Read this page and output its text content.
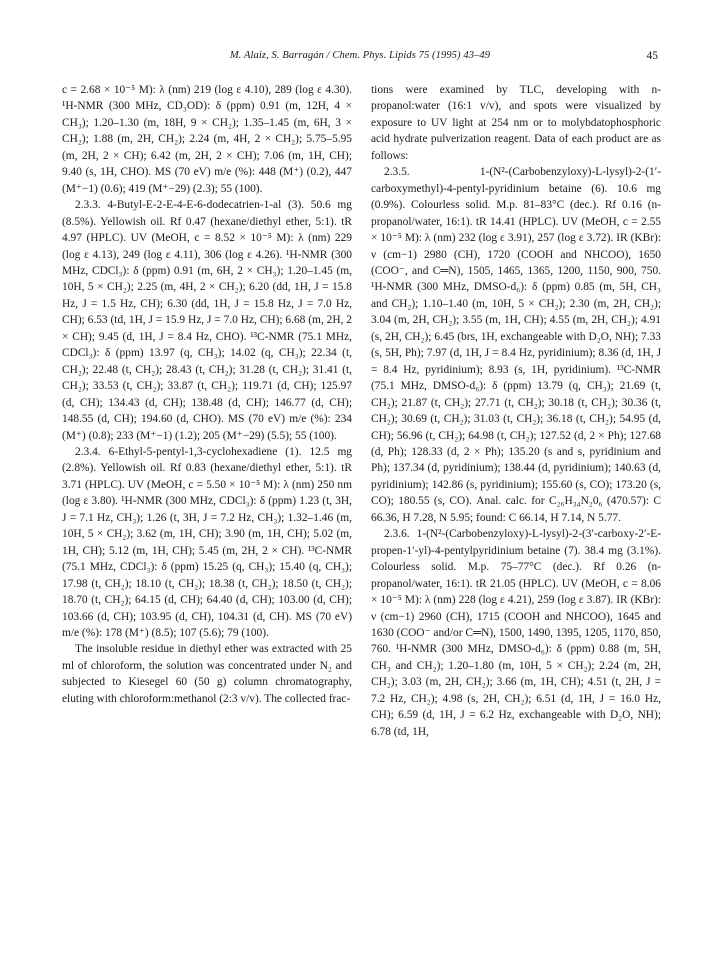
M. Alaiz, S. Barragán / Chem. Phys. Lipids 75 (1995) 43–49	45

c = 2.68 × 10⁻⁵ M): λ (nm) 219 (log ε 4.10), 289 (log ε 4.30). ¹H-NMR (300 MHz, CD₃OD): δ (ppm) 0.91 (m, 12H, 4 × CH₃); 1.20–1.30 (m, 18H, 9 × CH₂); 1.35–1.45 (m, 6H, 3 × CH₂); 1.88 (m, 2H, CH₂); 2.24 (m, 4H, 2 × CH₂); 5.75–5.95 (m, 2H, 2 × CH); 6.42 (m, 2H, 2 × CH); 7.06 (m, 1H, CH); 9.40 (s, 1H, CHO). MS (70 eV) m/e (%): 448 (M⁺) (0.2), 447 (M⁺−1) (0.6); 419 (M⁺−29) (2.3); 55 (100).

2.3.3. 4-Butyl-E-2-E-4-E-6-dodecatrien-1-al (3). 50.6 mg (8.5%). Yellowish oil. Rf 0.47 (hexane/diethyl ether, 5:1). tR 4.97 (HPLC). UV (MeOH, c = 8.52 × 10⁻⁵ M): λ (nm) 229 (log ε 4.13), 249 (log ε 4.11), 306 (log ε 4.26). ¹H-NMR (300 MHz, CDCl₃): δ (ppm) 0.91 (m, 6H, 2 × CH₃); 1.20–1.45 (m, 10H, 5 × CH₂); 2.25 (m, 4H, 2 × CH₂); 6.20 (dd, 1H, J = 15.8 Hz, J = 1.5 Hz, CH); 6.30 (dd, 1H, J = 15.8 Hz, J = 7.0 Hz, CH); 6.53 (td, 1H, J = 15.9 Hz, J = 7.0 Hz, CH); 6.68 (m, 2H, 2 × CH); 9.45 (d, 1H, J = 8.4 Hz, CHO). ¹³C-NMR (75.1 MHz, CDCl₃): δ (ppm) 13.97 (q, CH₃); 14.02 (q, CH₃); 22.34 (t, CH₂); 22.48 (t, CH₂); 28.43 (t, CH₂); 31.28 (t, CH₂); 31.41 (t, CH₂); 33.53 (t, CH₂); 33.87 (t, CH₂); 119.71 (d, CH); 125.97 (d, CH); 134.43 (d, CH); 138.48 (d, CH); 146.77 (d, CH); 148.55 (d, CH); 194.60 (d, CHO). MS (70 eV) m/e (%): 234 (M⁺) (0.8); 233 (M⁺−1) (1.2); 205 (M⁺−29) (5.5); 55 (100).

2.3.4. 6-Ethyl-5-pentyl-1,3-cyclohexadiene (1). 12.5 mg (2.8%). Yellowish oil. Rf 0.83 (hexane/diethyl ether, 5:1). tR 3.71 (HPLC). UV (MeOH, c = 5.50 × 10⁻⁵ M): λ (nm) 250 nm (log ε 3.80). ¹H-NMR (300 MHz, CDCl₃): δ (ppm) 1.23 (t, 3H, J = 7.1 Hz, CH₃); 1.26 (t, 3H, J = 7.2 Hz, CH₃); 1.32–1.46 (m, 10H, 5 × CH₂); 3.62 (m, 1H, CH); 3.90 (m, 1H, CH); 5.02 (m, 1H, CH); 5.12 (m, 1H, CH); 5.45 (m, 2H, 2 × CH). ¹³C-NMR (75.1 MHz, CDCl₃): δ (ppm) 15.25 (q, CH₃); 15.40 (q, CH₃); 17.98 (t, CH₂); 18.10 (t, CH₂); 18.38 (t, CH₂); 18.50 (t, CH₂); 18.70 (t, CH₂); 64.15 (d, CH); 64.40 (d, CH); 103.00 (d, CH); 103.66 (d, CH); 103.95 (d, CH), 104.31 (d, CH). MS (70 eV) m/e (%): 178 (M⁺) (8.5); 107 (5.6); 79 (100).

The insoluble residue in diethyl ether was extracted with 25 ml of chloroform, the solution was concentrated under N₂ and subjected to Kiesegel 60 (50 g) column chromatography, eluting with chloroform:methanol (2:3 v/v). The collected frac-

tions were examined by TLC, developing with n-propanol:water (16:1 v/v), and spots were visualized by exposure to UV light at 254 nm or to molybdatophosphoric acid hydrate pulverization reagent. Data of each product are as follows:

2.3.5. 1-(N²-(Carbobenzyloxy)-L-lysyl)-2-(1′-carboxymethyl)-4-pentyl-pyridinium betaine (6). 10.6 mg (0.9%). Colourless solid. M.p. 81–83°C (dec.). Rf 0.16 (n-propanol/water, 16:1). tR 14.41 (HPLC). UV (MeOH, c = 2.55 × 10⁻⁵ M): λ (nm) 232 (log ε 3.91), 257 (log ε 3.72). IR (KBr): ν (cm−1) 2980 (CH), 1720 (COOH and NHCOO), 1650 (COO⁻, and C═N), 1505, 1465, 1365, 1200, 1150, 900, 750. ¹H-NMR (300 MHz, DMSO-d₆): δ (ppm) 0.85 (m, 5H, CH₃ and CH₂); 1.10–1.40 (m, 10H, 5 × CH₂); 2.30 (m, 2H, CH₂); 3.04 (m, 2H, CH₂); 3.55 (m, 1H, CH); 4.55 (m, 2H, CH₂); 4.91 (s, 2H, CH₂); 6.45 (brs, 1H, exchangeable with D₂O, NH); 7.33 (s, 5H, Ph); 7.97 (d, 1H, J = 8.4 Hz, pyridinium); 8.36 (d, 1H, J = 8.4 Hz, pyridinium); 8.93 (s, 1H, pyridinium). ¹³C-NMR (75.1 MHz, DMSO-d₆): δ (ppm) 13.79 (q, CH₃); 21.69 (t, CH₂); 21.87 (t, CH₂); 27.71 (t, CH₂); 30.18 (t, CH₂); 30.36 (t, CH₂); 30.69 (t, CH₂); 31.03 (t, CH₂); 36.18 (t, CH₂); 54.95 (d, CH); 56.96 (t, CH₂); 64.98 (t, CH₂); 127.52 (d, 2 × Ph); 127.68 (d, Ph); 128.33 (d, 2 × Ph); 135.20 (s and s, pyridinium and Ph); 137.34 (d, pyridinium); 138.44 (d, pyridinium); 140.63 (d, pyridinium); 142.86 (s, pyridinium); 155.60 (s, CO); 173.20 (s, CO); 180.55 (s, CO). Anal. calc. for C₂₆H₃₄N₂0₆ (470.57): C 66.36, H 7.28, N 5.95; found: C 66.14, H 7.14, N 5.77.

2.3.6. 1-(N²-(Carbobenzyloxy)-L-lysyl)-2-(3′-carboxy-2′-E-propen-1′-yl)-4-pentylpyridinium betaine (7). 38.4 mg (3.1%). Colourless solid. M.p. 75–77°C (dec.). Rf 0.26 (n-propanol/water, 16:1). tR 21.05 (HPLC). UV (MeOH, c = 8.06 × 10⁻⁵ M): λ (nm) 228 (log ε 4.21), 259 (log ε 3.87). IR (KBr): ν (cm−1) 2960 (CH), 1715 (COOH and NHCOO), 1645 and 1630 (COO⁻ and/or C═N), 1500, 1490, 1395, 1205, 1170, 850, 760. ¹H-NMR (300 MHz, DMSO-d₆): δ (ppm) 0.88 (m, 5H, CH₃ and CH₂); 1.20–1.80 (m, 10H, 5 × CH₂); 2.24 (m, 2H, CH₂); 3.03 (m, 2H, CH₂); 3.66 (m, 1H, CH); 4.51 (t, 2H, J = 7.2 Hz, CH₂); 4.98 (s, 2H, CH₂); 6.51 (d, 1H, J = 16.0 Hz, CH); 6.59 (d, 1H, J = 6.2 Hz, exchangeable with D₂O, NH); 6.78 (td, 1H,
